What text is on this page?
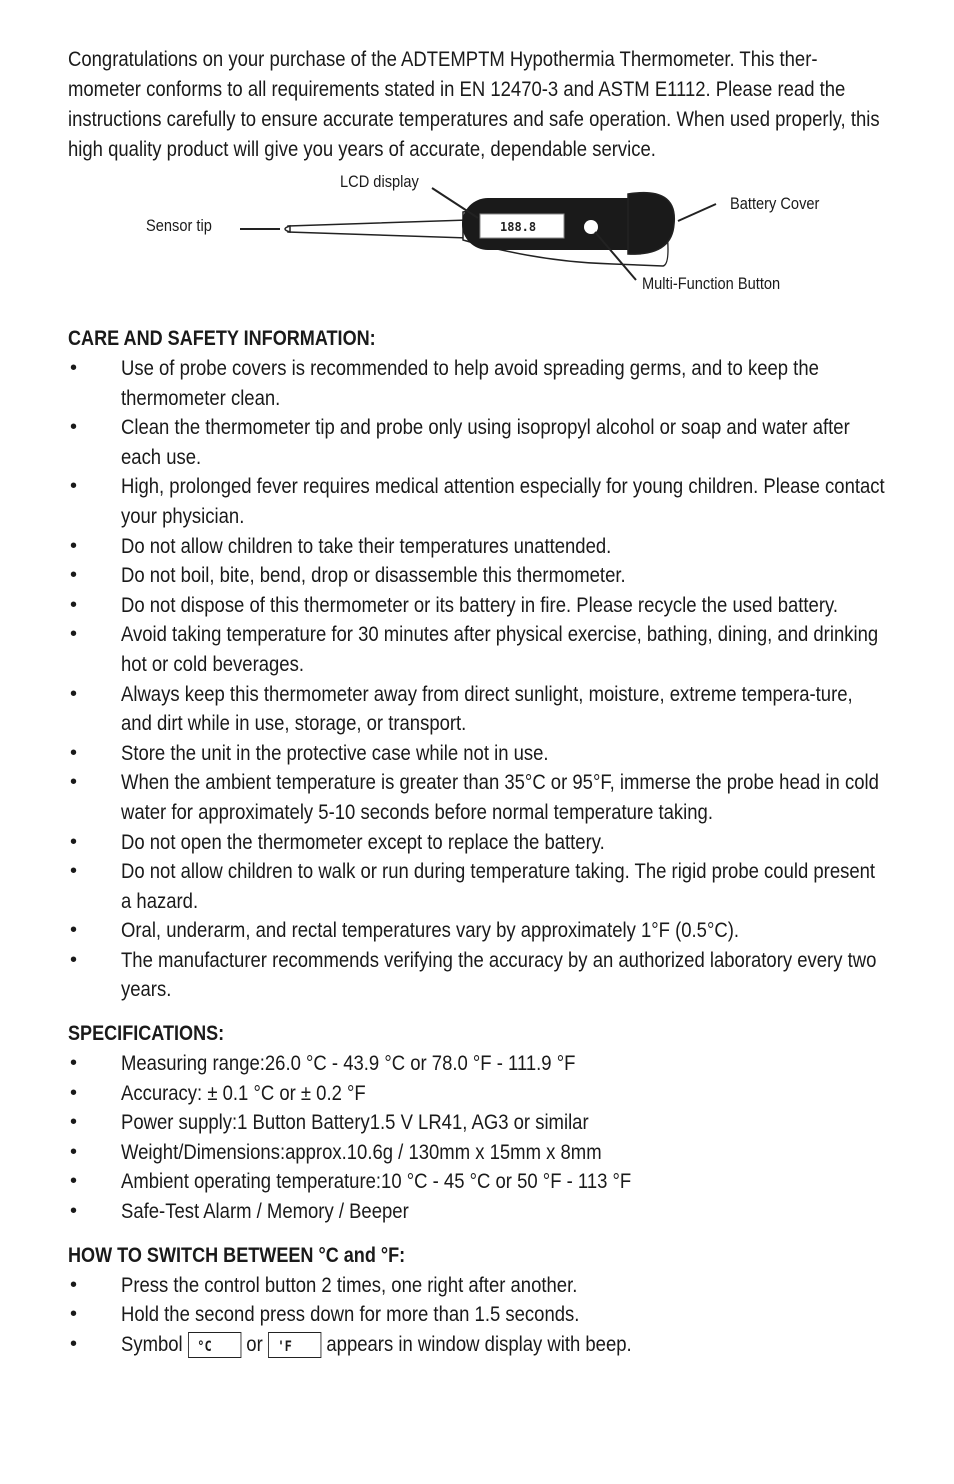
Congratulations on your purchase of the ADTEMPTM Hypothermia Thermometer. This ther-mometer conforms to all requirements stated in EN 12470-3 and ASTM E1112. Please read the instructions carefully to ensure accurate temperatures and safe operation. When used properly, this high quality product will give you years of accurate, dependable service.

188.8
LCD display
Battery Cover
Sensor tip
Multi-Function Button
CARE AND SAFETY INFORMATION:
• Use of probe covers is recommended to help avoid spreading germs, and to keep the thermometer clean.
• Clean the thermometer tip and probe only using isopropyl alcohol or soap and water after each use.
• High, prolonged fever requires medical attention especially for young children. Please contact your physician.
• Do not allow children to take their temperatures unattended.
• Do not boil, bite, bend, drop or disassemble this thermometer.
• Do not dispose of this thermometer or its battery in fire. Please recycle the used battery.
• Avoid taking temperature for 30 minutes after physical exercise, bathing, dining, and drinking hot or cold beverages.
• Always keep this thermometer away from direct sunlight, moisture, extreme tempera-ture, and dirt while in use, storage, or transport.
• Store the unit in the protective case while not in use.
• When the ambient temperature is greater than 35°C or 95°F, immerse the probe head in cold water for approximately 5-10 seconds before normal temperature taking.
• Do not open the thermometer except to replace the battery.
• Do not allow children to walk or run during temperature taking. The rigid probe could present a hazard.
• Oral, underarm, and rectal temperatures vary by approximately 1°F (0.5°C).
• The manufacturer recommends verifying the accuracy by an authorized laboratory every two years.
SPECIFICATIONS:
• Measuring range:26.0 °C - 43.9 °C or 78.0 °F - 111.9 °F
• Accuracy: ± 0.1 °C or ± 0.2 °F
• Power supply:1 Button Battery1.5 V LR41, AG3 or similar
• Weight/Dimensions:approx.10.6g / 130mm x 15mm x 8mm
• Ambient operating temperature:10 °C - 45 °C or 50 °F - 113 °F
• Safe-Test Alarm / Memory / Beeper
HOW TO SWITCH BETWEEN °C and °F:
• Press the control button 2 times, one right after another.
• Hold the second press down for more than 1.5 seconds.
• Symbol °C or 'F appears in window display with beep.
